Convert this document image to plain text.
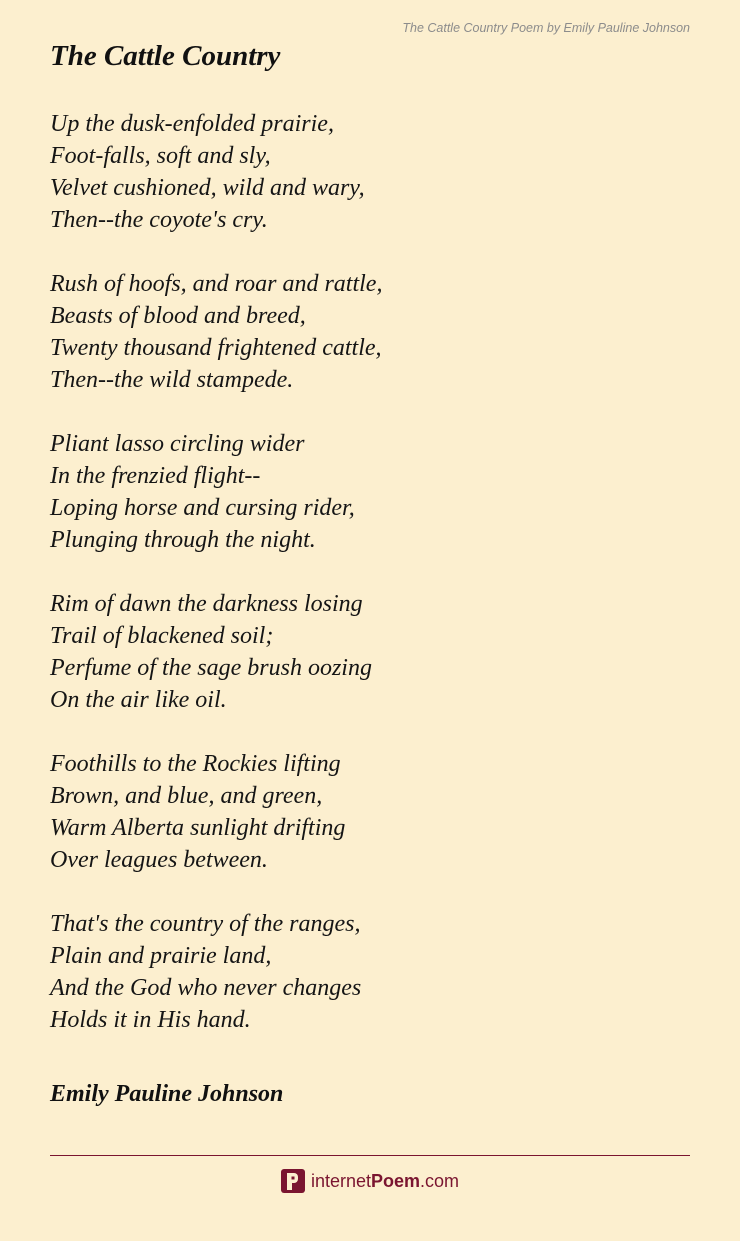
The Cattle Country Poem by Emily Pauline Johnson
The Cattle Country
Up the dusk-enfolded prairie,
Foot-falls, soft and sly,
Velvet cushioned, wild and wary,
Then--the coyote's cry.
Rush of hoofs, and roar and rattle,
Beasts of blood and breed,
Twenty thousand frightened cattle,
Then--the wild stampede.
Pliant lasso circling wider
In the frenzied flight--
Loping horse and cursing rider,
Plunging through the night.
Rim of dawn the darkness losing
Trail of blackened soil;
Perfume of the sage brush oozing
On the air like oil.
Foothills to the Rockies lifting
Brown, and blue, and green,
Warm Alberta sunlight drifting
Over leagues between.
That's the country of the ranges,
Plain and prairie land,
And the God who never changes
Holds it in His hand.
Emily Pauline Johnson
internetPoem.com
